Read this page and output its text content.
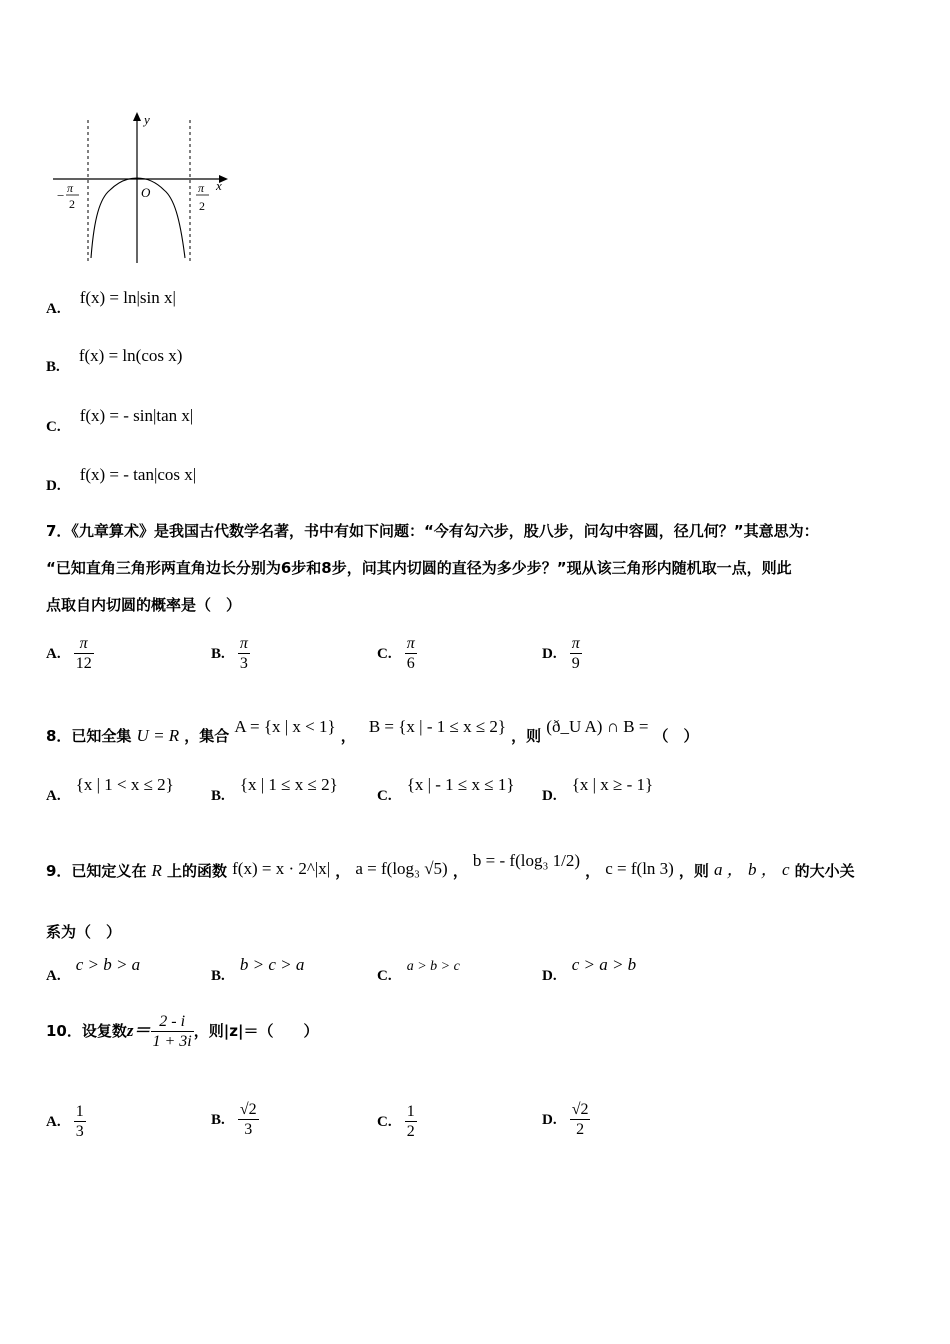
y
x
O
− π
2
π
2
A. f(x) = ln|sin x|
B. f(x) = ln(cos x)
C. f(x) = - sin|tan x|
D. f(x) = - tan|cos x|
7．《九章算术》是我国古代数学名著，书中有如下问题：“今有勾六步，股八步，问勾中容圆，径几何？”其意思为：
“已知直角三角形两直角边长分别为6步和8步，问其内切圆的直径为多少步？”现从该三角形内随机取一点，则此
点取自内切圆的概率是（　）
A. $\frac{\pi}{12}$	B. $\frac{\pi}{3}$	C. $\frac{\pi}{6}$	D. $\frac{\pi}{9}$
8．已知全集 U = R ，集合 A = {x | x < 1} ， B = {x | - 1 ≤ x ≤ 2} ，则 (ð_U A) ∩ B = （　）
A. {x | 1 < x ≤ 2}
B. {x | 1 ≤ x ≤ 2}
C. {x | - 1 ≤ x ≤ 1}
D. {x | x ≥ - 1}
9．已知定义在 R 上的函数 f(x) = x · 2^|x| ， a = f(log₃ √5) ， b = - f(log₃ 1/2) ， c = f(ln 3) ，则 a ， b ， c 的大小关
系为（　）
A. c > b > a
B. b > c > a
C. a > b > c
D. c > a > b
10．设复数$z= \frac{2 - i}{1 + 3i}$ ，则|z|＝（　　）
A. $\frac{1}{3}$	B. $\frac{√2}{3}$	C. $\frac{1}{2}$	D. $\frac{√2}{2}$
